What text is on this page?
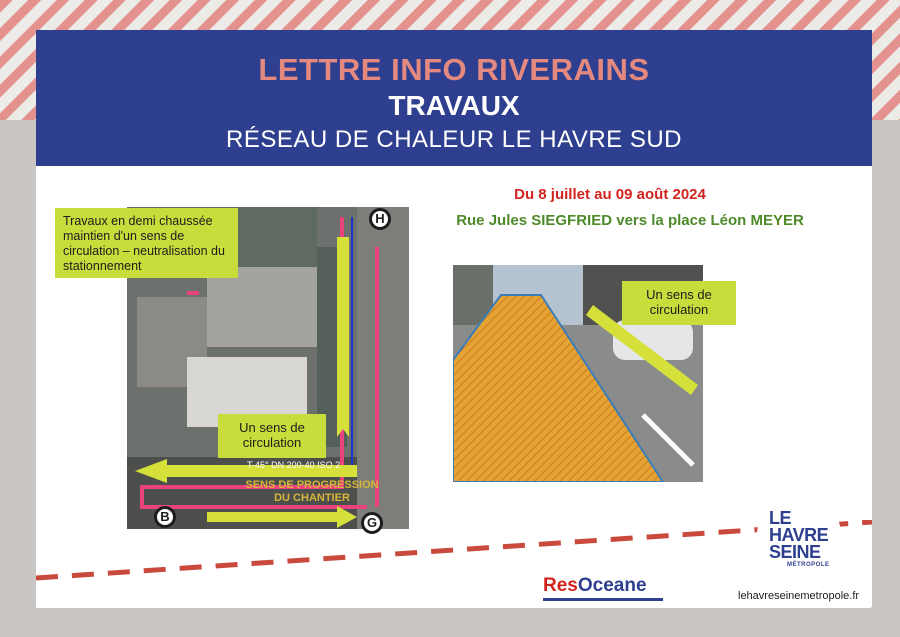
LETTRE INFO RIVERAINS
TRAVAUX
RÉSEAU DE CHALEUR LE HAVRE SUD
Du 8 juillet au 09 août 2024
Rue Jules SIEGFRIED vers la place Léon MEYER
T-45° DN 200-40 ISO 2
SENS DE PROGRESSION DU CHANTIER
Travaux en demi chaussée maintien d'un sens de circulation – neutralisation du stationnement
Un sens de circulation
H
B	G
Un sens de circulation
ResOceane
LE
HAVRE
SEINE
MÉTROPOLE
lehavreseinemetropole.fr
